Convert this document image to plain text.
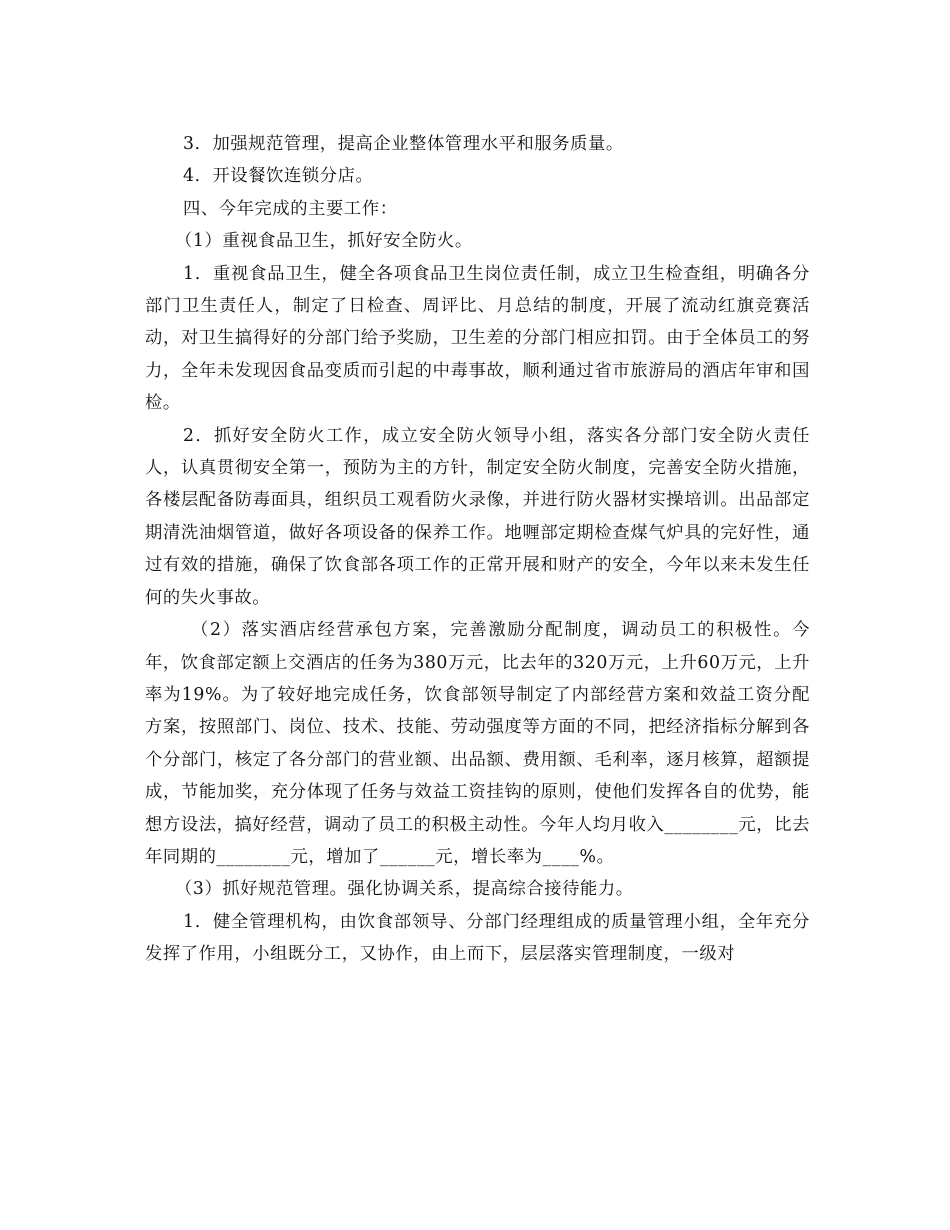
3．加强规范管理，提高企业整体管理水平和服务质量。

4．开设餐饮连锁分店。

四、今年完成的主要工作：

（1）重视食品卫生，抓好安全防火。

1．重视食品卫生，健全各项食品卫生岗位责任制，成立卫生检查组，明确各分部门卫生责任人，制定了日检查、周评比、月总结的制度，开展了流动红旗竞赛活动，对卫生搞得好的分部门给予奖励，卫生差的分部门相应扣罚。由于全体员工的努力，全年未发现因食品变质而引起的中毒事故，顺利通过省市旅游局的酒店年审和国检。

2．抓好安全防火工作，成立安全防火领导小组，落实各分部门安全防火责任人，认真贯彻安全第一，预防为主的方针，制定安全防火制度，完善安全防火措施，各楼层配备防毒面具，组织员工观看防火录像，并进行防火器材实操培训。出品部定期清洗油烟管道，做好各项设备的保养工作。地喱部定期检查煤气炉具的完好性，通过有效的措施，确保了饮食部各项工作的正常开展和财产的安全，今年以来未发生任何的失火事故。

（2）落实酒店经营承包方案，完善激励分配制度，调动员工的积极性。今年，饮食部定额上交酒店的任务为380万元，比去年的320万元，上升60万元，上升率为19%。为了较好地完成任务，饮食部领导制定了内部经营方案和效益工资分配方案，按照部门、岗位、技术、技能、劳动强度等方面的不同，把经济指标分解到各个分部门，核定了各分部门的营业额、出品额、费用额、毛利率，逐月核算，超额提成，节能加奖，充分体现了任务与效益工资挂钩的原则，使他们发挥各自的优势，能想方设法，搞好经营，调动了员工的积极主动性。今年人均月收入________元，比去年同期的________元，增加了______元，增长率为____%。

（3）抓好规范管理。强化协调关系，提高综合接待能力。

1．健全管理机构，由饮食部领导、分部门经理组成的质量管理小组，全年充分发挥了作用，小组既分工，又协作，由上而下，层层落实管理制度，一级对
